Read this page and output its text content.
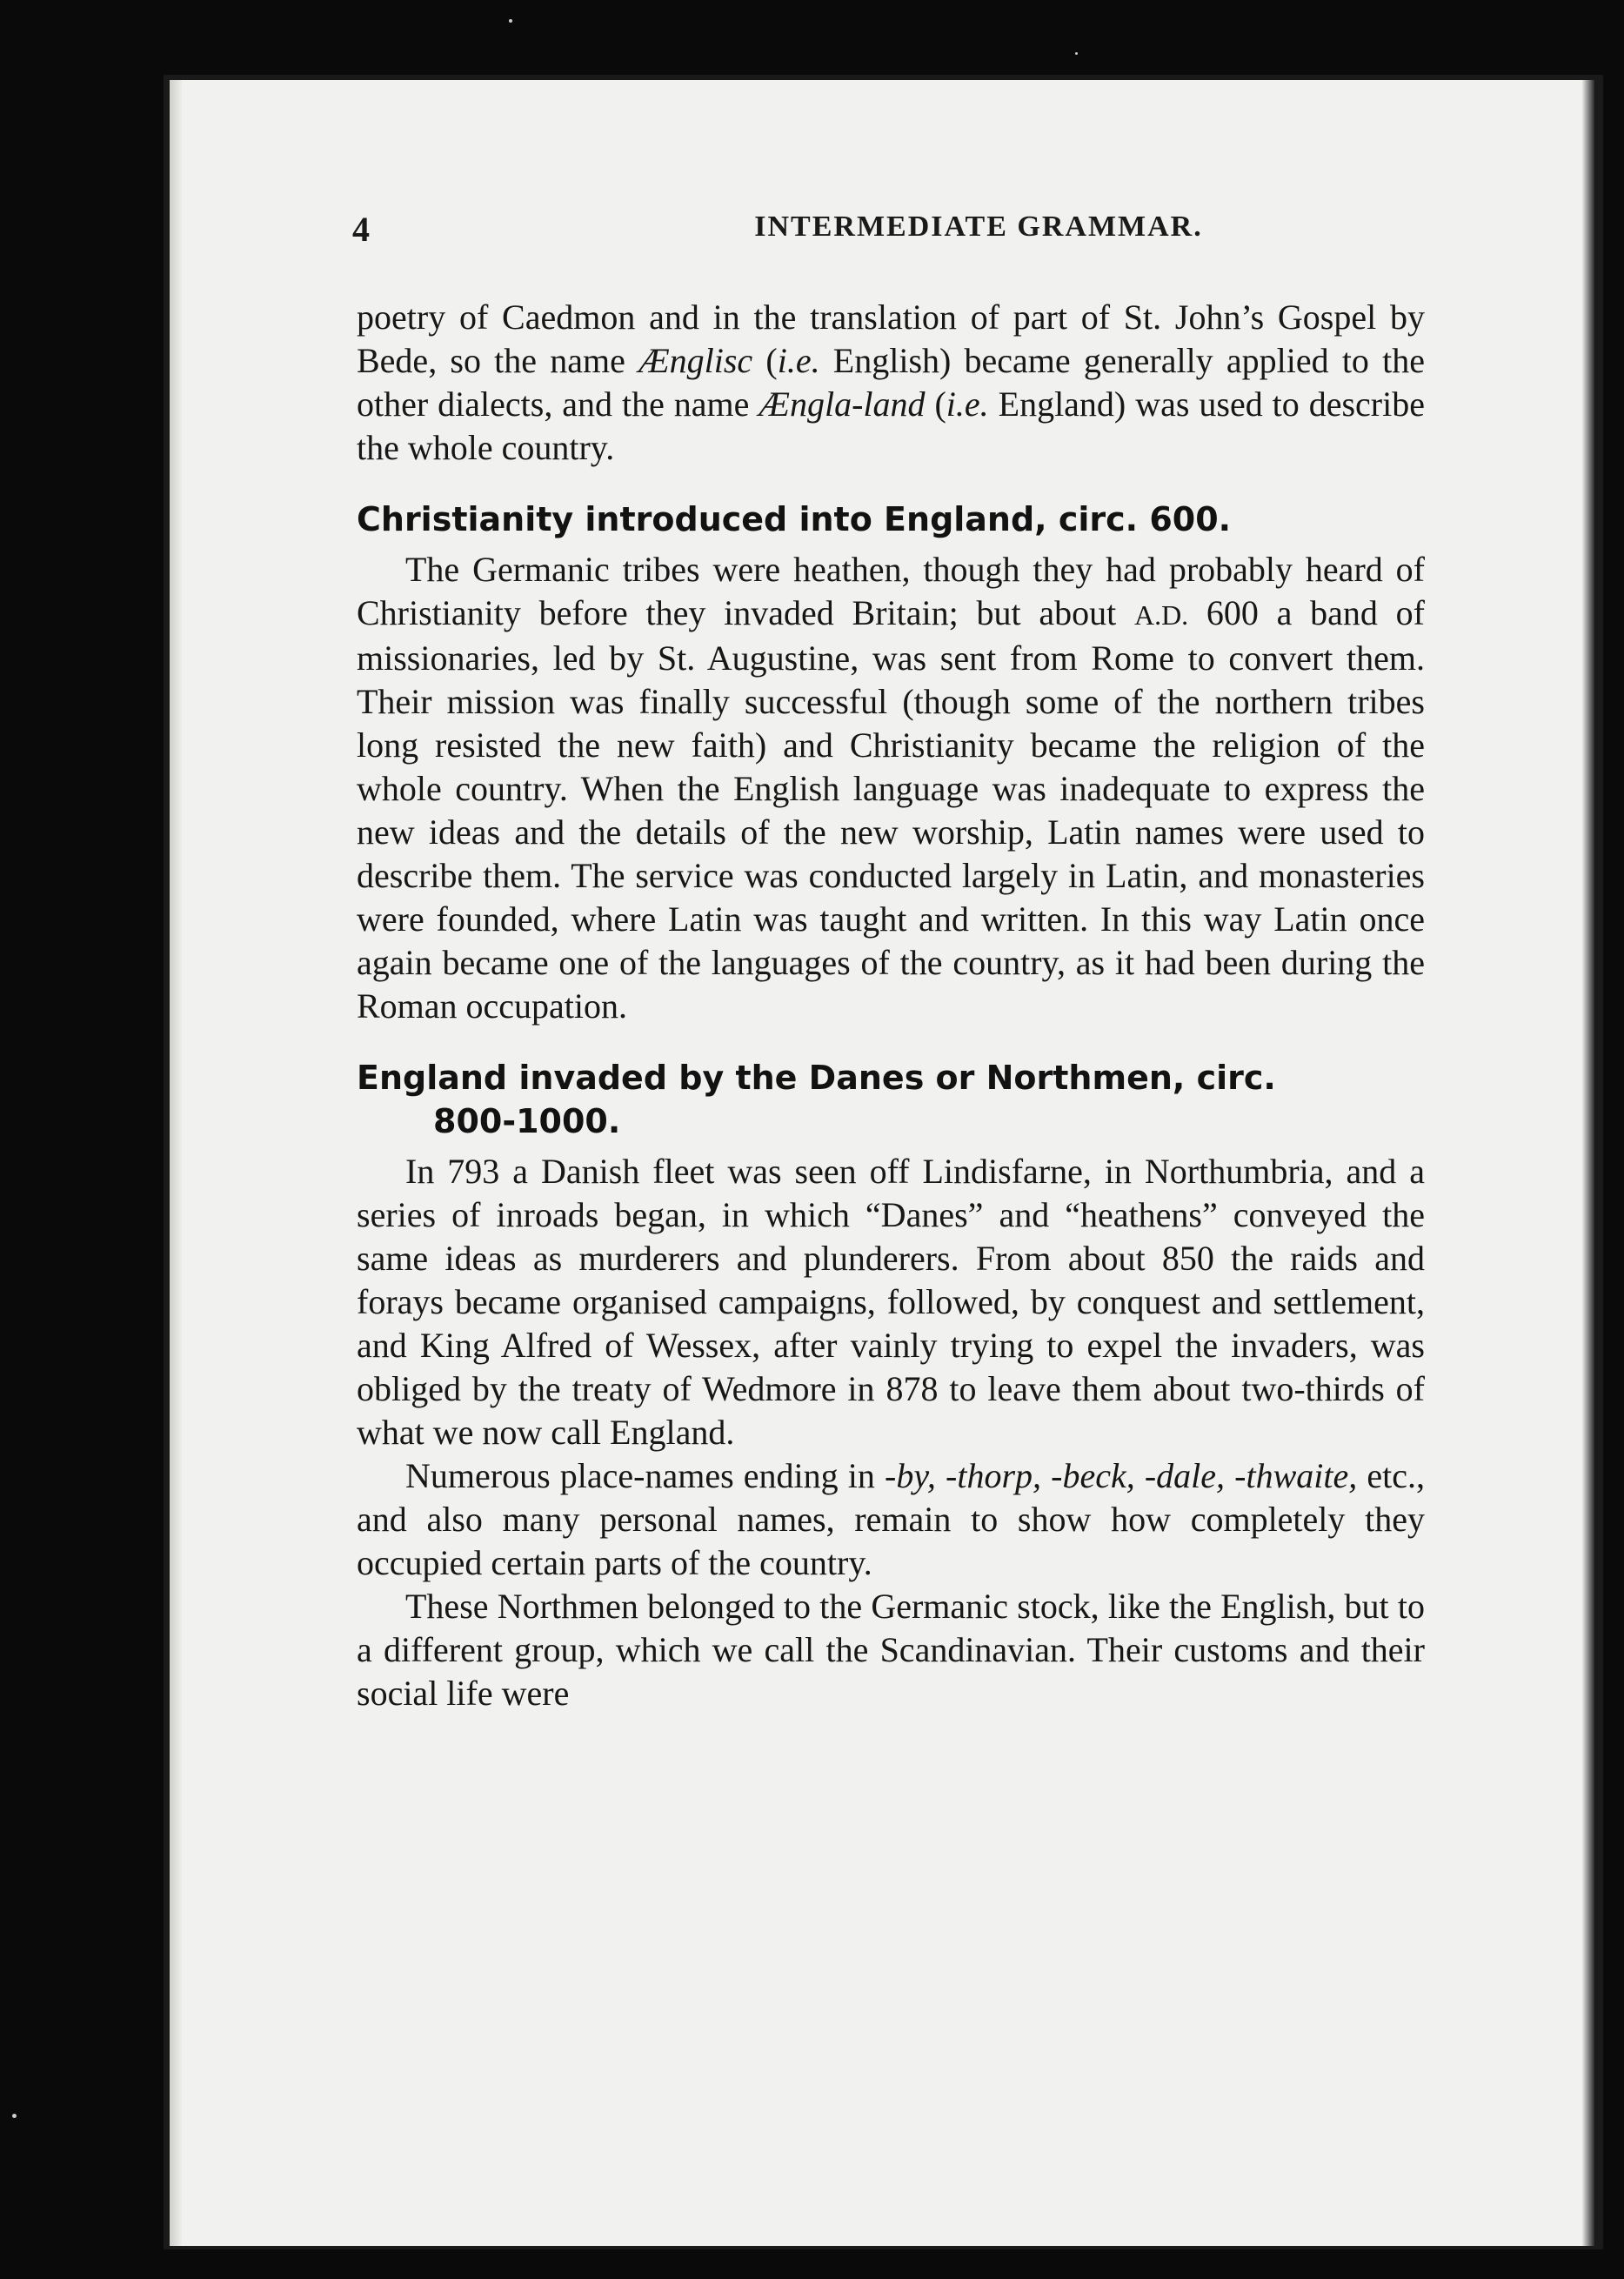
4	INTERMEDIATE GRAMMAR.

poetry of Caedmon and in the translation of part of St. John’s Gospel by Bede, so the name Ænglisc (i.e. English) became generally applied to the other dialects, and the name Ængla-land (i.e. England) was used to describe the whole country.

Christianity introduced into England, circ. 600.

The Germanic tribes were heathen, though they had probably heard of Christianity before they invaded Britain; but about A.D. 600 a band of missionaries, led by St. Augustine, was sent from Rome to convert them. Their mission was finally successful (though some of the northern tribes long resisted the new faith) and Christianity became the religion of the whole country. When the English language was inadequate to express the new ideas and the details of the new worship, Latin names were used to describe them. The service was conducted largely in Latin, and monasteries were founded, where Latin was taught and written. In this way Latin once again became one of the languages of the country, as it had been during the Roman occupation.

England invaded by the Danes or Northmen, circ.
800-1000.

In 793 a Danish fleet was seen off Lindisfarne, in Northumbria, and a series of inroads began, in which “Danes” and “heathens” conveyed the same ideas as murderers and plunderers. From about 850 the raids and forays became organised campaigns, followed, by conquest and settlement, and King Alfred of Wessex, after vainly trying to expel the invaders, was obliged by the treaty of Wedmore in 878 to leave them about two-thirds of what we now call England.

Numerous place-names ending in -by, -thorp, -beck, -dale, -thwaite, etc., and also many personal names, remain to show how completely they occupied certain parts of the country.

These Northmen belonged to the Germanic stock, like the English, but to a different group, which we call the Scandinavian. Their customs and their social life were
